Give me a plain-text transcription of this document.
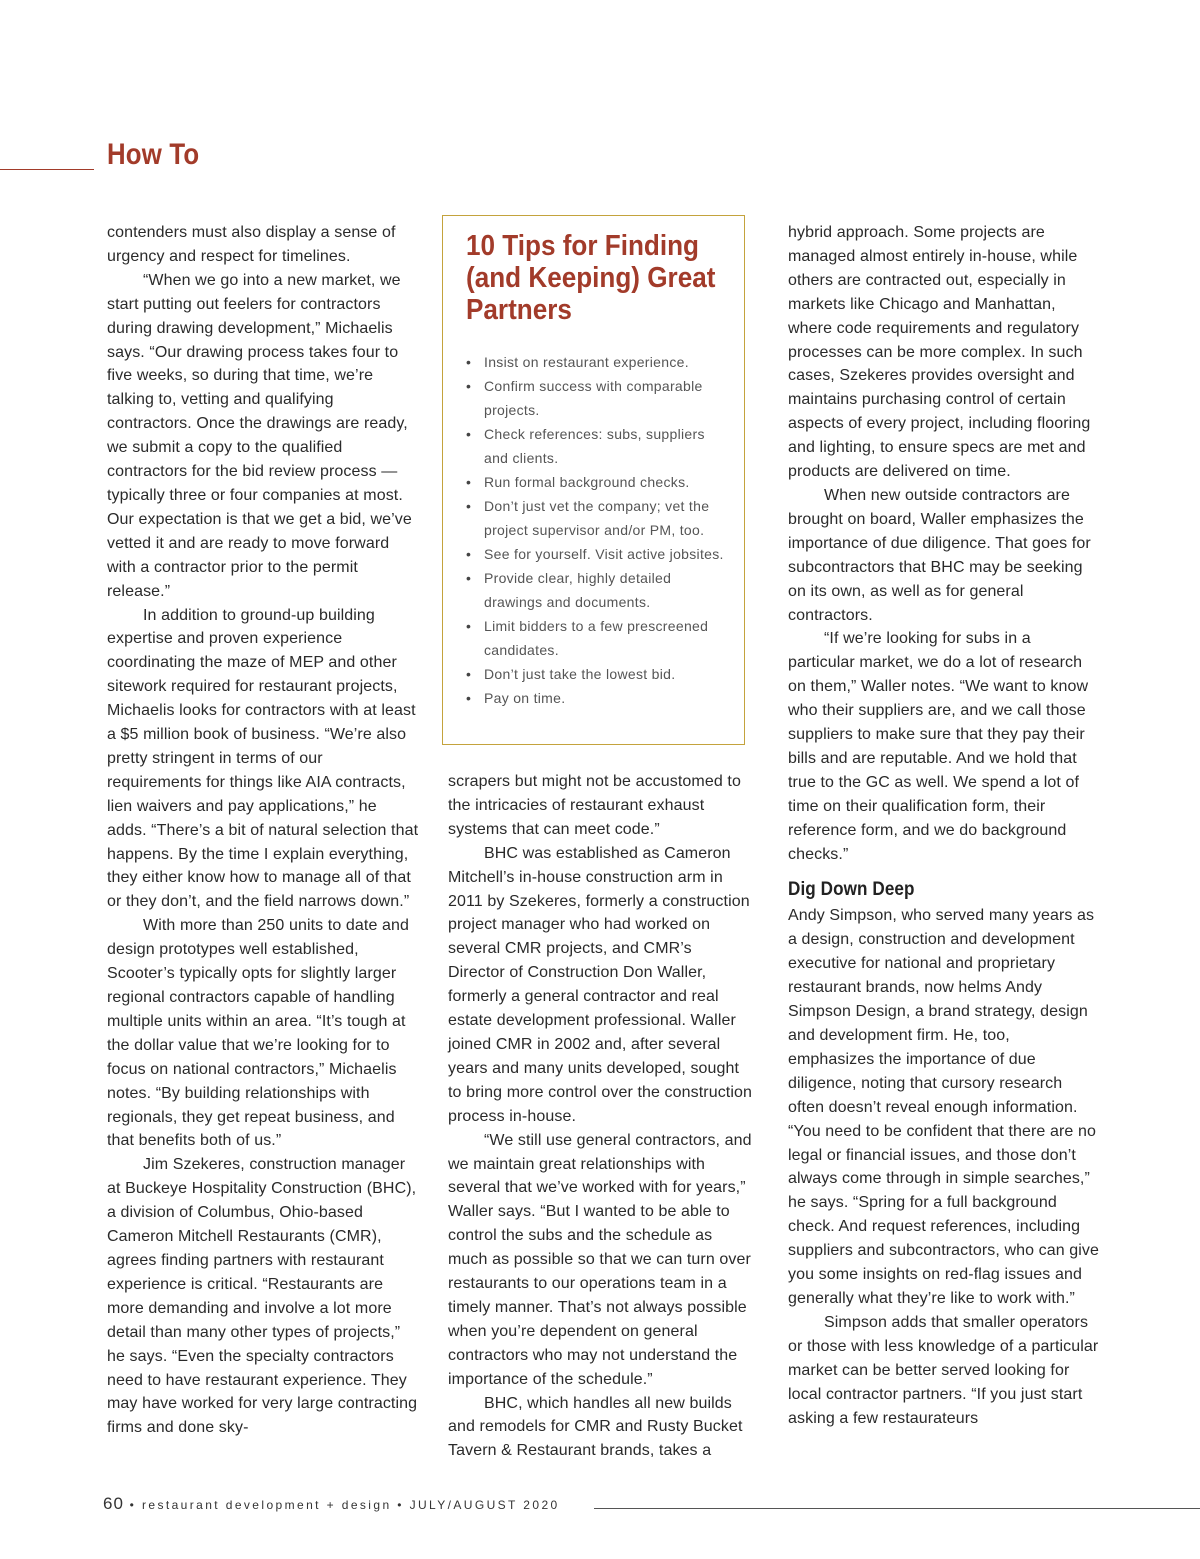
How To

contenders must also display a sense of urgency and respect for timelines.

“When we go into a new market, we start putting out feelers for contractors during drawing development,” Michaelis says. “Our drawing process takes four to five weeks, so during that time, we’re talking to, vetting and qualifying contractors. Once the drawings are ready, we submit a copy to the qualified contractors for the bid review process — typically three or four companies at most. Our expectation is that we get a bid, we’ve vetted it and are ready to move forward with a contractor prior to the permit release.”

In addition to ground-up building expertise and proven experience coordinating the maze of MEP and other sitework required for restaurant projects, Michaelis looks for contractors with at least a $5 million book of business. “We’re also pretty stringent in terms of our requirements for things like AIA contracts, lien waivers and pay applications,” he adds. “There’s a bit of natural selection that happens. By the time I explain everything, they either know how to manage all of that or they don’t, and the field narrows down.”

With more than 250 units to date and design prototypes well established, Scooter’s typically opts for slightly larger regional contractors capable of handling multiple units within an area. “It’s tough at the dollar value that we’re looking for to focus on national contractors,” Michaelis notes. “By building relationships with regionals, they get repeat business, and that benefits both of us.”

Jim Szekeres, construction manager at Buckeye Hospitality Construction (BHC), a division of Columbus, Ohio-based Cameron Mitchell Restaurants (CMR), agrees finding partners with restaurant experience is critical. “Restaurants are more demanding and involve a lot more detail than many other types of projects,” he says. “Even the specialty contractors need to have restaurant experience. They may have worked for very large contracting firms and done sky-

10 Tips for Finding (and Keeping) Great Partners
• Insist on restaurant experience.
• Confirm success with comparable projects.
• Check references: subs, suppliers and clients.
• Run formal background checks.
• Don’t just vet the company; vet the project supervisor and/or PM, too.
• See for yourself. Visit active jobsites.
• Provide clear, highly detailed drawings and documents.
• Limit bidders to a few prescreened candidates.
• Don’t just take the lowest bid.
• Pay on time.

scrapers but might not be accustomed to the intricacies of restaurant exhaust systems that can meet code.”

BHC was established as Cameron Mitchell’s in-house construction arm in 2011 by Szekeres, formerly a construction project manager who had worked on several CMR projects, and CMR’s Director of Construction Don Waller, formerly a general contractor and real estate development professional. Waller joined CMR in 2002 and, after several years and many units developed, sought to bring more control over the construction process in-house.

“We still use general contractors, and we maintain great relationships with several that we’ve worked with for years,” Waller says. “But I wanted to be able to control the subs and the schedule as much as possible so that we can turn over restaurants to our operations team in a timely manner. That’s not always possible when you’re dependent on general contractors who may not understand the importance of the schedule.”

BHC, which handles all new builds and remodels for CMR and Rusty Bucket Tavern & Restaurant brands, takes a

hybrid approach. Some projects are managed almost entirely in-house, while others are contracted out, especially in markets like Chicago and Manhattan, where code requirements and regulatory processes can be more complex. In such cases, Szekeres provides oversight and maintains purchasing control of certain aspects of every project, including flooring and lighting, to ensure specs are met and products are delivered on time.

When new outside contractors are brought on board, Waller emphasizes the importance of due diligence. That goes for subcontractors that BHC may be seeking on its own, as well as for general contractors.

“If we’re looking for subs in a particular market, we do a lot of research on them,” Waller notes. “We want to know who their suppliers are, and we call those suppliers to make sure that they pay their bills and are reputable. And we hold that true to the GC as well. We spend a lot of time on their qualification form, their reference form, and we do background checks.”

Dig Down Deep

Andy Simpson, who served many years as a design, construction and development executive for national and proprietary restaurant brands, now helms Andy Simpson Design, a brand strategy, design and development firm. He, too, emphasizes the importance of due diligence, noting that cursory research often doesn’t reveal enough information. “You need to be confident that there are no legal or financial issues, and those don’t always come through in simple searches,” he says. “Spring for a full background check. And request references, including suppliers and subcontractors, who can give you some insights on red-flag issues and generally what they’re like to work with.”

Simpson adds that smaller operators or those with less knowledge of a particular market can be better served looking for local contractor partners. “If you just start asking a few restaurateurs

60 • restaurant development + design • JULY/AUGUST 2020
